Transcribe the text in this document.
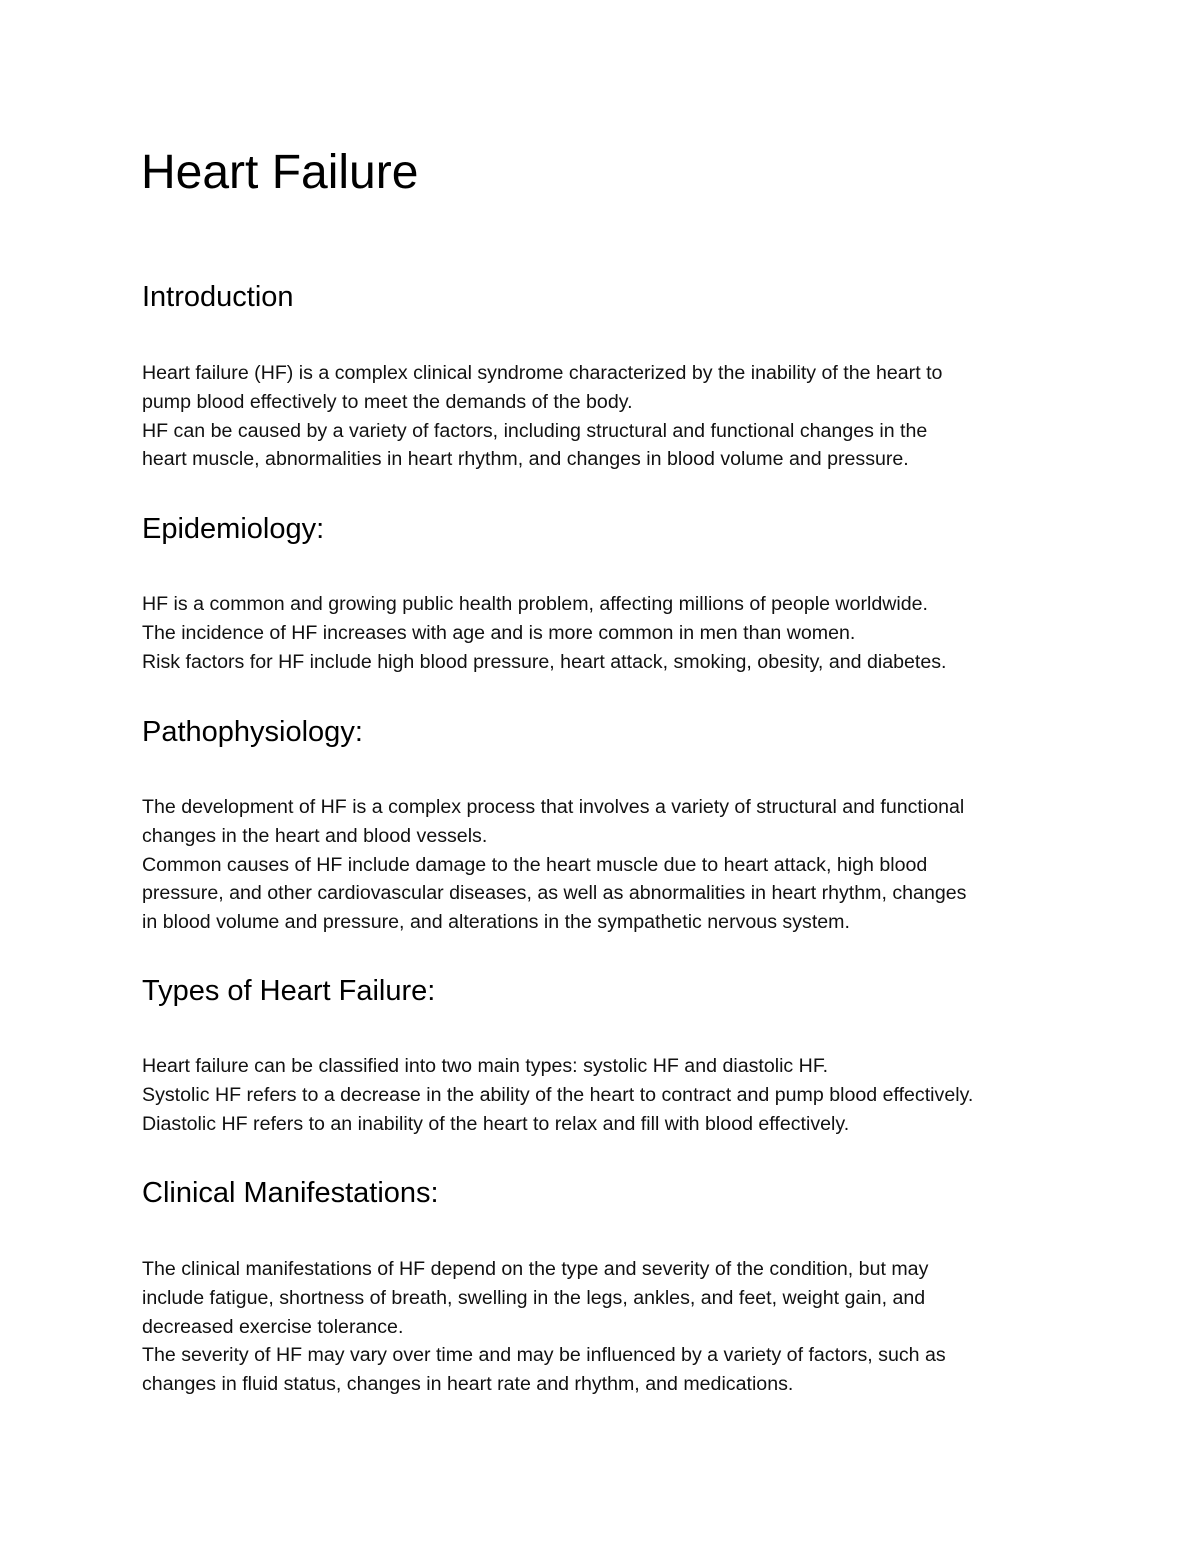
Heart Failure
Introduction

Heart failure (HF) is a complex clinical syndrome characterized by the inability of the heart to
pump blood effectively to meet the demands of the body.
HF can be caused by a variety of factors, including structural and functional changes in the
heart muscle, abnormalities in heart rhythm, and changes in blood volume and pressure.

Epidemiology:

HF is a common and growing public health problem, affecting millions of people worldwide.
The incidence of HF increases with age and is more common in men than women.
Risk factors for HF include high blood pressure, heart attack, smoking, obesity, and diabetes.

Pathophysiology:

The development of HF is a complex process that involves a variety of structural and functional
changes in the heart and blood vessels.
Common causes of HF include damage to the heart muscle due to heart attack, high blood
pressure, and other cardiovascular diseases, as well as abnormalities in heart rhythm, changes
in blood volume and pressure, and alterations in the sympathetic nervous system.

Types of Heart Failure:

Heart failure can be classified into two main types: systolic HF and diastolic HF.
Systolic HF refers to a decrease in the ability of the heart to contract and pump blood effectively.
Diastolic HF refers to an inability of the heart to relax and fill with blood effectively.

Clinical Manifestations:

The clinical manifestations of HF depend on the type and severity of the condition, but may
include fatigue, shortness of breath, swelling in the legs, ankles, and feet, weight gain, and
decreased exercise tolerance.
The severity of HF may vary over time and may be influenced by a variety of factors, such as
changes in fluid status, changes in heart rate and rhythm, and medications.
